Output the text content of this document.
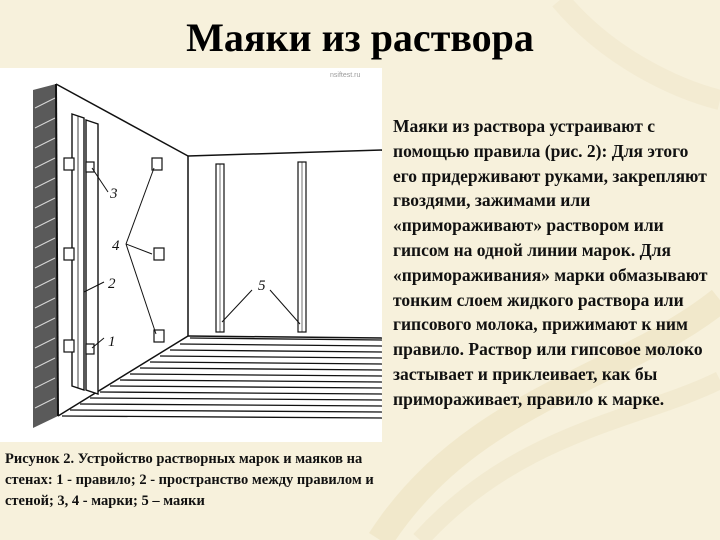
Маяки из раствора
nsiftest.ru
3
4
2
1
5
Маяки из раствора устраивают с помощью правила (рис. 2): Для этого его придерживают руками, закрепляют гвоздями, зажимами или «примораживают» раствором или гипсом на одной линии марок. Для «примораживания» марки обмазывают тонким слоем жидкого раствора или гипсового молока, прижимают к ним правило. Раствор или гипсовое молоко застывает и приклеивает, как бы примораживает, правило к марке.
Рисунок 2. Устройство растворных марок и маяков на стенах: 1 - правило; 2 - пространство между правилом и стеной; 3, 4 - марки; 5 – маяки
